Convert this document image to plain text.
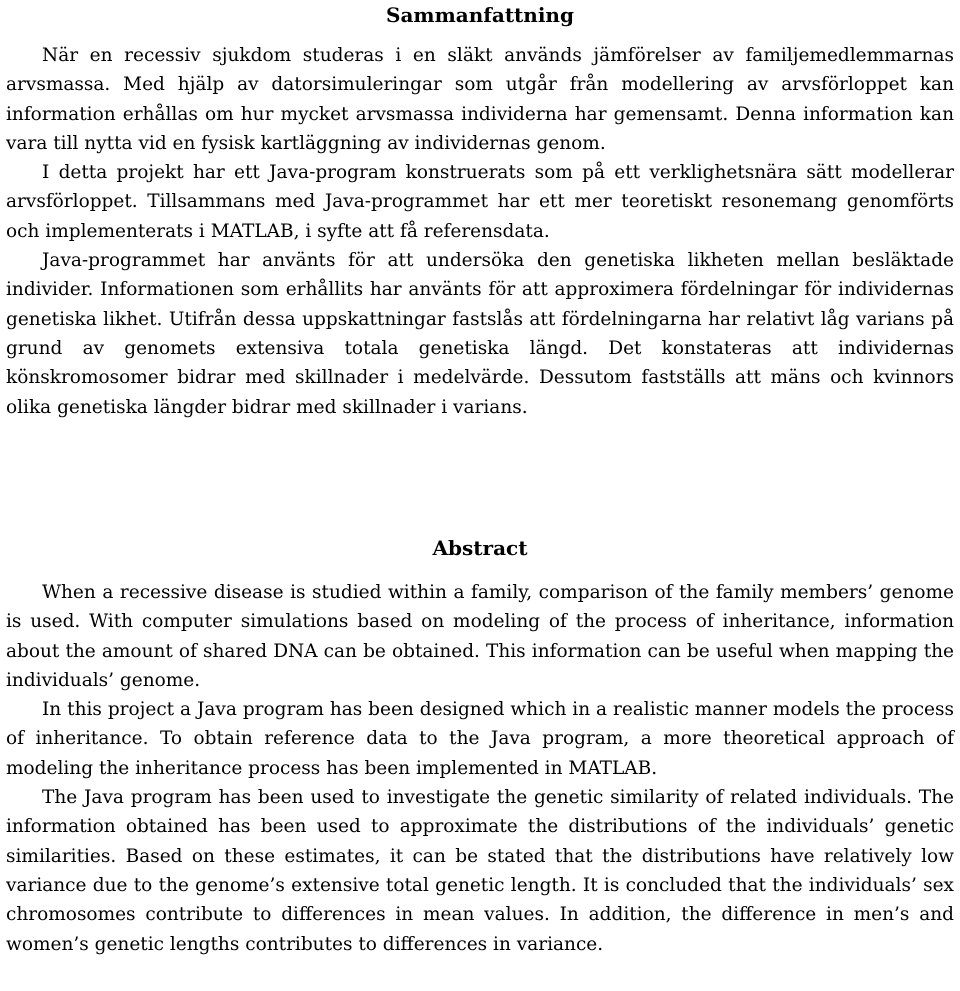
Sammanfattning

När en recessiv sjukdom studeras i en släkt används jämförelser av familjemedlemmarnas arvsmassa. Med hjälp av datorsimuleringar som utgår från modellering av arvsförloppet kan information erhållas om hur mycket arvsmassa individerna har gemensamt. Denna information kan vara till nytta vid en fysisk kartläggning av individernas genom.

I detta projekt har ett Java-program konstruerats som på ett verklighetsnära sätt modellerar arvsförloppet. Tillsammans med Java-programmet har ett mer teoretiskt resonemang genomförts och implementerats i MATLAB, i syfte att få referensdata.

Java-programmet har använts för att undersöka den genetiska likheten mellan besläktade individer. Informationen som erhållits har använts för att approximera fördelningar för individernas genetiska likhet. Utifrån dessa uppskattningar fastslås att fördelningarna har relativt låg varians på grund av genomets extensiva totala genetiska längd. Det konstateras att individernas könskromosomer bidrar med skillnader i medelvärde. Dessutom fastställs att mäns och kvinnors olika genetiska längder bidrar med skillnader i varians.

Abstract

When a recessive disease is studied within a family, comparison of the family members’ genome is used. With computer simulations based on modeling of the process of inheritance, information about the amount of shared DNA can be obtained. This information can be useful when mapping the individuals’ genome.

In this project a Java program has been designed which in a realistic manner models the process of inheritance. To obtain reference data to the Java program, a more theoretical approach of modeling the inheritance process has been implemented in MATLAB.

The Java program has been used to investigate the genetic similarity of related individuals. The information obtained has been used to approximate the distributions of the individuals’ genetic similarities. Based on these estimates, it can be stated that the distributions have relatively low variance due to the genome’s extensive total genetic length. It is concluded that the individuals’ sex chromosomes contribute to differences in mean values. In addition, the difference in men’s and women’s genetic lengths contributes to differences in variance.
